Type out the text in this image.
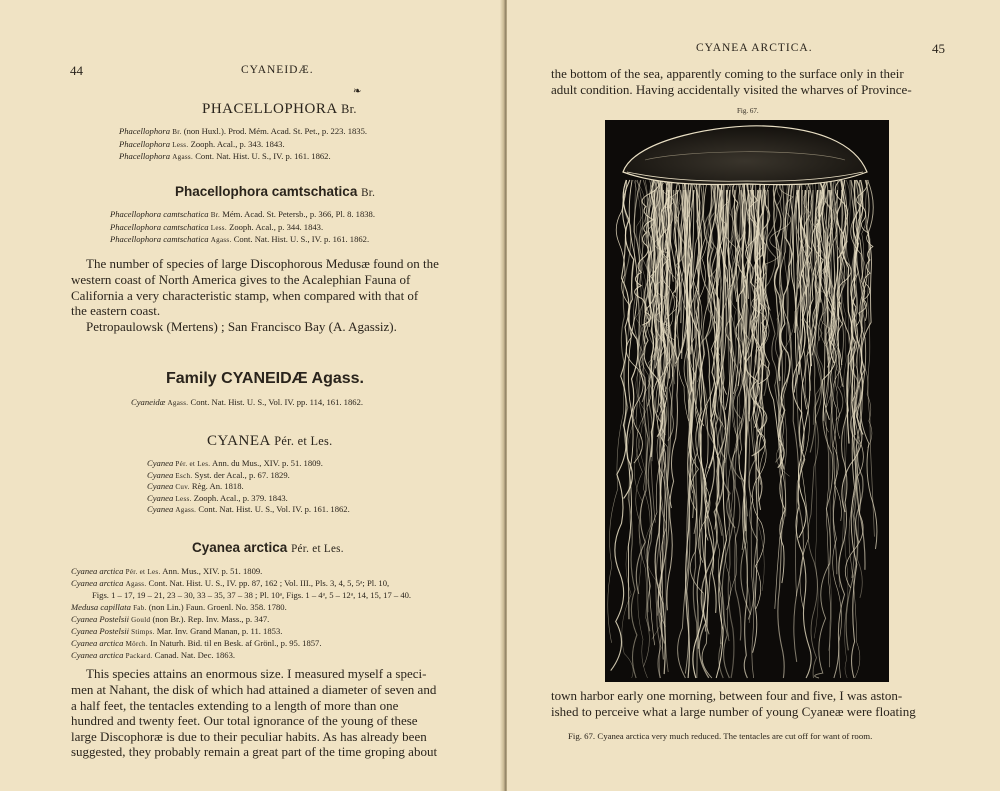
44	CYANEIDÆ.
❧
PHACELLOPHORA Br.
Phacellophora Br. (non Huxl.). Prod. Mém. Acad. St. Pet., p. 223. 1835.
Phacellophora Less. Zooph. Acal., p. 343. 1843.
Phacellophora Agass. Cont. Nat. Hist. U. S., IV. p. 161. 1862.
Phacellophora camtschatica Br.
Phacellophora camtschatica Br. Mém. Acad. St. Petersb., p. 366, Pl. 8. 1838.
Phacellophora camtschatica Less. Zooph. Acal., p. 344. 1843.
Phacellophora camtschatica Agass. Cont. Nat. Hist. U. S., IV. p. 161. 1862.
The number of species of large Discophorous Medusæ found on the
western coast of North America gives to the Acalephian Fauna of
California a very characteristic stamp, when compared with that of
the eastern coast.
Petropaulowsk (Mertens) ; San Francisco Bay (A. Agassiz).
Family CYANEIDÆ Agass.
Cyaneidæ Agass. Cont. Nat. Hist. U. S., Vol. IV. pp. 114, 161. 1862.
CYANEA Pér. et Les.
Cyanea Pér. et Les. Ann. du Mus., XIV. p. 51. 1809.
Cyanea Esch. Syst. der Acal., p. 67. 1829.
Cyanea Cuv. Règ. An. 1818.
Cyanea Less. Zooph. Acal., p. 379. 1843.
Cyanea Agass. Cont. Nat. Hist. U. S., Vol. IV. p. 161. 1862.
Cyanea arctica Pér. et Les.
Cyanea arctica Pér. et Les. Ann. Mus., XIV. p. 51. 1809.
Cyanea arctica Agass. Cont. Nat. Hist. U. S., IV. pp. 87, 162 ; Vol. III., Pls. 3, 4, 5, 5ᵃ; Pl. 10,
Figs. 1 – 17, 19 – 21, 23 – 30, 33 – 35, 37 – 38 ; Pl. 10ᵃ, Figs. 1 – 4ᵃ, 5 – 12ᵃ, 14, 15, 17 – 40.
Medusa capillata Fab. (non Lin.) Faun. Groenl. No. 358. 1780.
Cyanea Postelsii Gould (non Br.). Rep. Inv. Mass., p. 347.
Cyanea Postelsii Stimps. Mar. Inv. Grand Manan, p. 11. 1853.
Cyanea arctica Mörch. In Naturh. Bid. til en Besk. af Grönl., p. 95. 1857.
Cyanea arctica Packard. Canad. Nat. Dec. 1863.
This species attains an enormous size. I measured myself a speci-
men at Nahant, the disk of which had attained a diameter of seven and
a half feet, the tentacles extending to a length of more than one
hundred and twenty feet. Our total ignorance of the young of these
large Discophoræ is due to their peculiar habits. As has already been
suggested, they probably remain a great part of the time groping about
CYANEA ARCTICA.	45
the bottom of the sea, apparently coming to the surface only in their
adult condition. Having accidentally visited the wharves of Province-
Fig. 67.
town harbor early one morning, between four and five, I was aston-
ished to perceive what a large number of young Cyaneæ were floating
Fig. 67. Cyanea arctica very much reduced. The tentacles are cut off for want of room.
